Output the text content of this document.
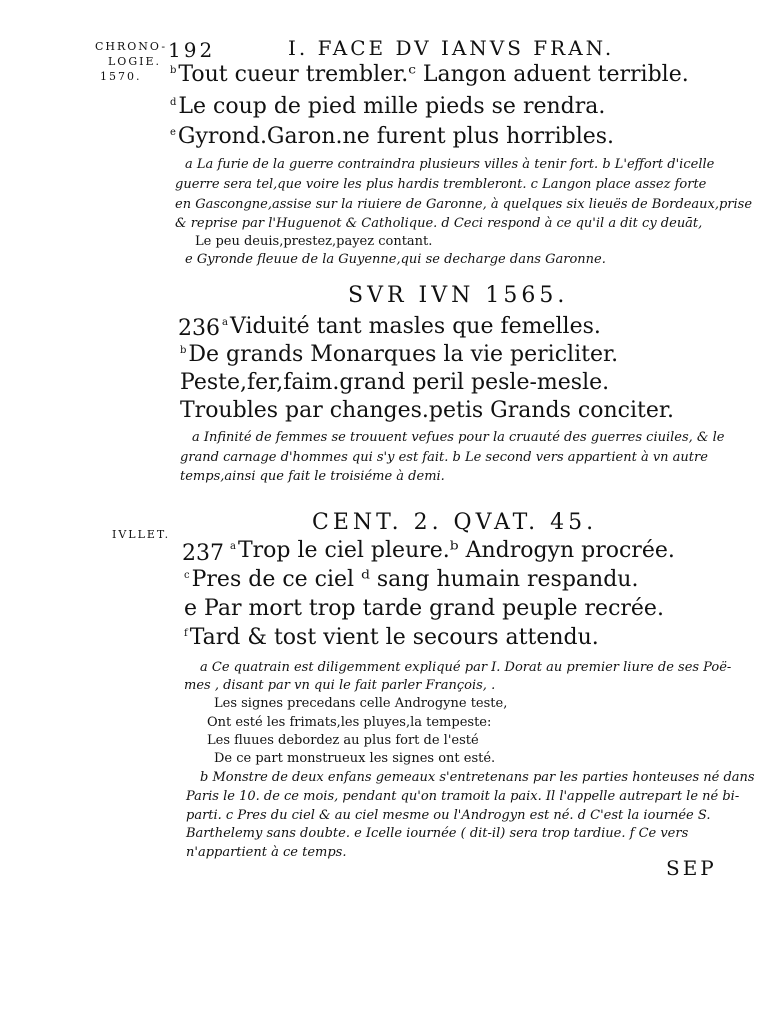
CHRONO-
LOGIE.
1570.
IVLLET.
192	I. FACE DV IANVS FRAN.
$^b$Tout cueur trembler.ᶜ Langon aduent terrible.
$^d$Le coup de pied mille pieds se rendra.
$^e$Gyrond.Garon.ne furent plus horribles.
a La furie de la guerre contraindra plusieurs villes à tenir fort. b L'effort d'icelle
guerre sera tel,que voire les plus hardis trembleront. c Langon place assez forte
en Gascongne,assise sur la riuiere de Garonne, à quelques six lieuës de Bordeaux,prise
& reprise par l'Huguenot & Catholique. d Ceci respond à ce qu'il a dit cy deuāt,
Le peu deuis,prestez,payez contant.
e Gyronde fleuue de la Guyenne,qui se decharge dans Garonne.
SVR IVN 1565.
236 $^a$Viduité tant masles que femelles.
$^b$De grands Monarques la vie pericliter.
Peste,fer,faim.grand peril pesle-mesle.
Troubles par changes.petis Grands conciter.
a Infinité de femmes se trouuent vefues pour la cruauté des guerres ciuiles, & le
grand carnage d'hommes qui s'y est fait. b Le second vers appartient à vn autre
temps,ainsi que fait le troisiéme à demi.
CENT. 2. QVAT. 45.
237 $^a$Trop le ciel pleure.ᵇ Androgyn procrée.
$^c$Pres de ce ciel ᵈ sang humain respandu.
e Par mort trop tarde grand peuple recrée.
$^f$Tard & tost vient le secours attendu.
a Ce quatrain est diligemment expliqué par I. Dorat au premier liure de ses Poë-
mes , disant par vn qui le fait parler François, .
Les signes precedans celle Androgyne teste,
Ont esté les frimats,les pluyes,la tempeste:
Les fluues debordez au plus fort de l'esté
De ce part monstrueux les signes ont esté.
b Monstre de deux enfans gemeaux s'entretenans par les parties honteuses né dans
Paris le 10. de ce mois, pendant qu'on tramoit la paix. Il l'appelle autrepart le né bi-
parti. c Pres du ciel & au ciel mesme ou l'Androgyn est né. d C'est la iournée S.
Barthelemy sans doubte. e Icelle iournée ( dit-il) sera trop tardiue. f Ce vers
n'appartient à ce temps.
SEP
